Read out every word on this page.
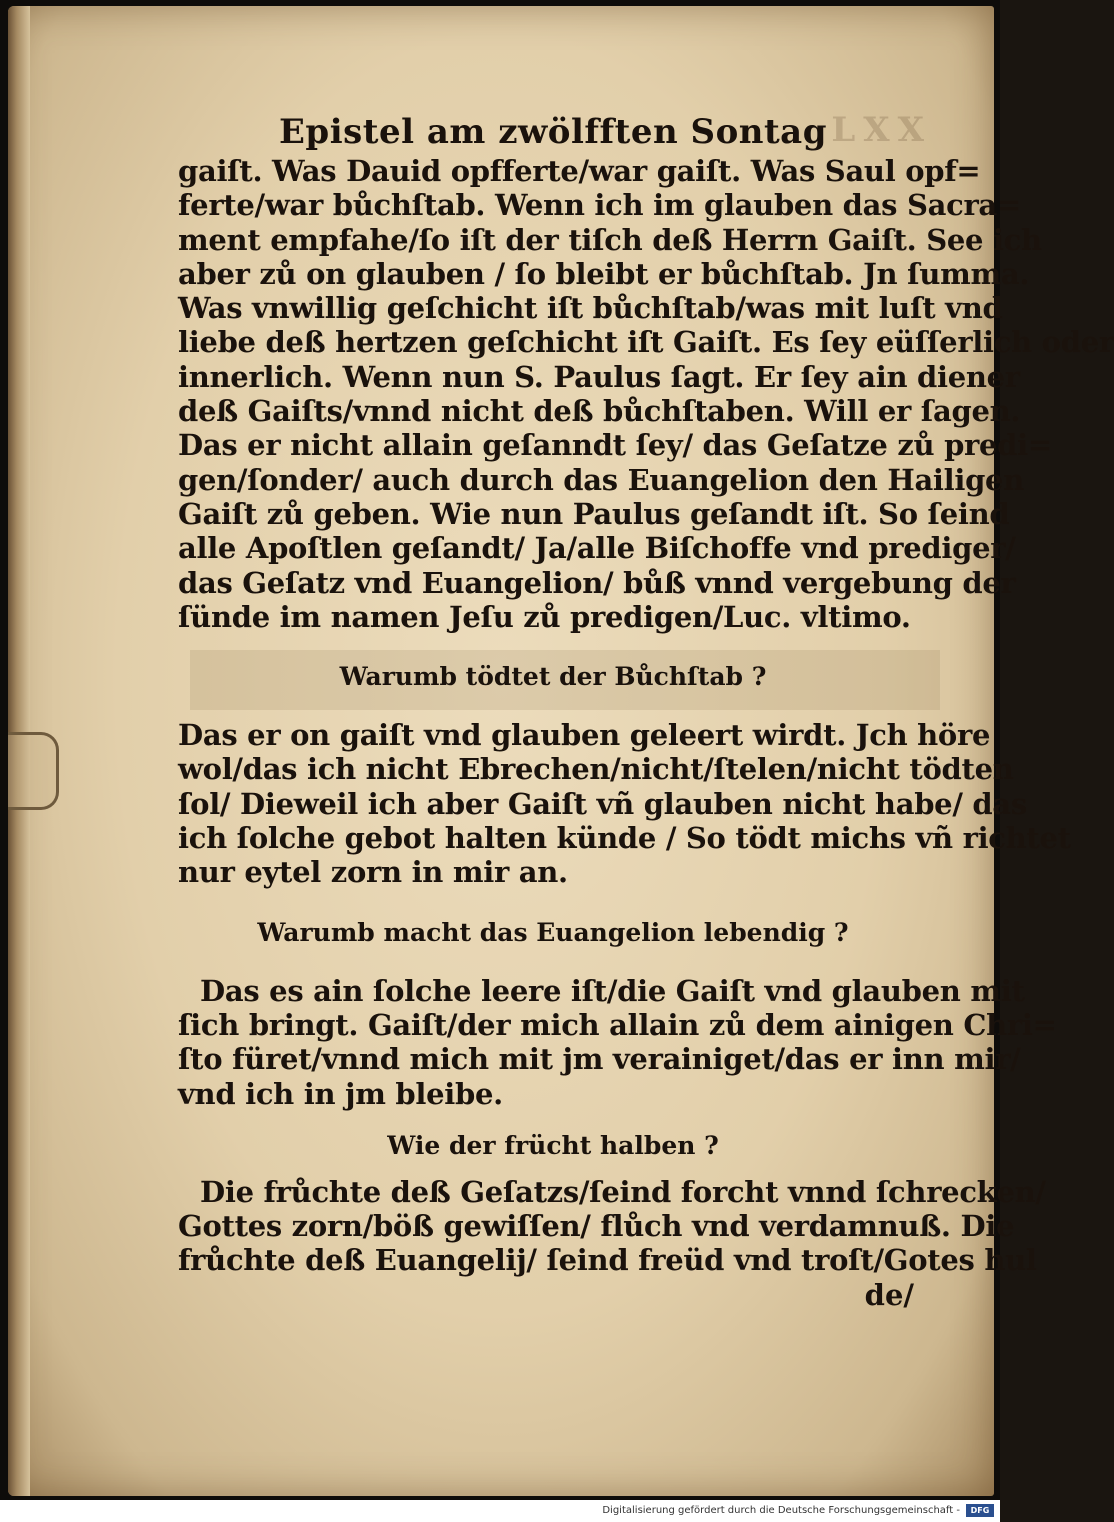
LXX
Epistel am zwölfften Sontag
gaiſt. Was Dauid opfferte/war gaiſt. Was Saul opf=
ferte/war bůchſtab. Wenn ich im glauben das Sacra=
ment empfahe/ſo iſt der tiſch deß Herrn Gaiſt. See ich
aber zů on glauben / ſo bleibt er bůchſtab. Jn ſumma.
Was vnwillig geſchicht iſt bůchſtab/was mit luſt vnd
liebe deß hertzen geſchicht iſt Gaiſt. Es ſey eüſſerlich oder
innerlich. Wenn nun S. Paulus ſagt. Er ſey ain diener
deß Gaiſts/vnnd nicht deß bůchſtaben. Will er ſagen.
Das er nicht allain geſanndt ſey/ das Geſatze zů predi=
gen/ſonder/ auch durch das Euangelion den Hailigen
Gaiſt zů geben. Wie nun Paulus geſandt iſt. So ſeind
alle Apoſtlen geſandt/ Ja/alle Biſchoffe vnd prediger/
das Geſatz vnd Euangelion/ bůß vnnd vergebung der
ſünde im namen Jeſu zů predigen/Luc. vltimo.
Warumb tödtet der Bůchſtab ?
Das er on gaiſt vnd glauben geleert wirdt. Jch höre
wol/das ich nicht Ebrechen/nicht/ſtelen/nicht tödten
ſol/ Dieweil ich aber Gaiſt vñ glauben nicht habe/ das
ich ſolche gebot halten künde / So tödt michs vñ richtet
nur eytel zorn in mir an.
Warumb macht das Euangelion lebendig ?
Das es ain ſolche leere iſt/die Gaiſt vnd glauben mit
ſich bringt. Gaiſt/der mich allain zů dem ainigen Chri=
ſto füret/vnnd mich mit jm verainiget/das er inn mir/
vnd ich in jm bleibe.
Wie der frücht halben ?
Die frůchte deß Geſatzs/ſeind forcht vnnd ſchrecken/
Gottes zorn/böß gewiſſen/ flůch vnd verdamnuß. Die
frůchte deß Euangelij/ ſeind freüd vnd troſt/Gotes hul
de/
Digitalisierung gefördert durch die Deutsche Forschungsgemeinschaft -	DFG
